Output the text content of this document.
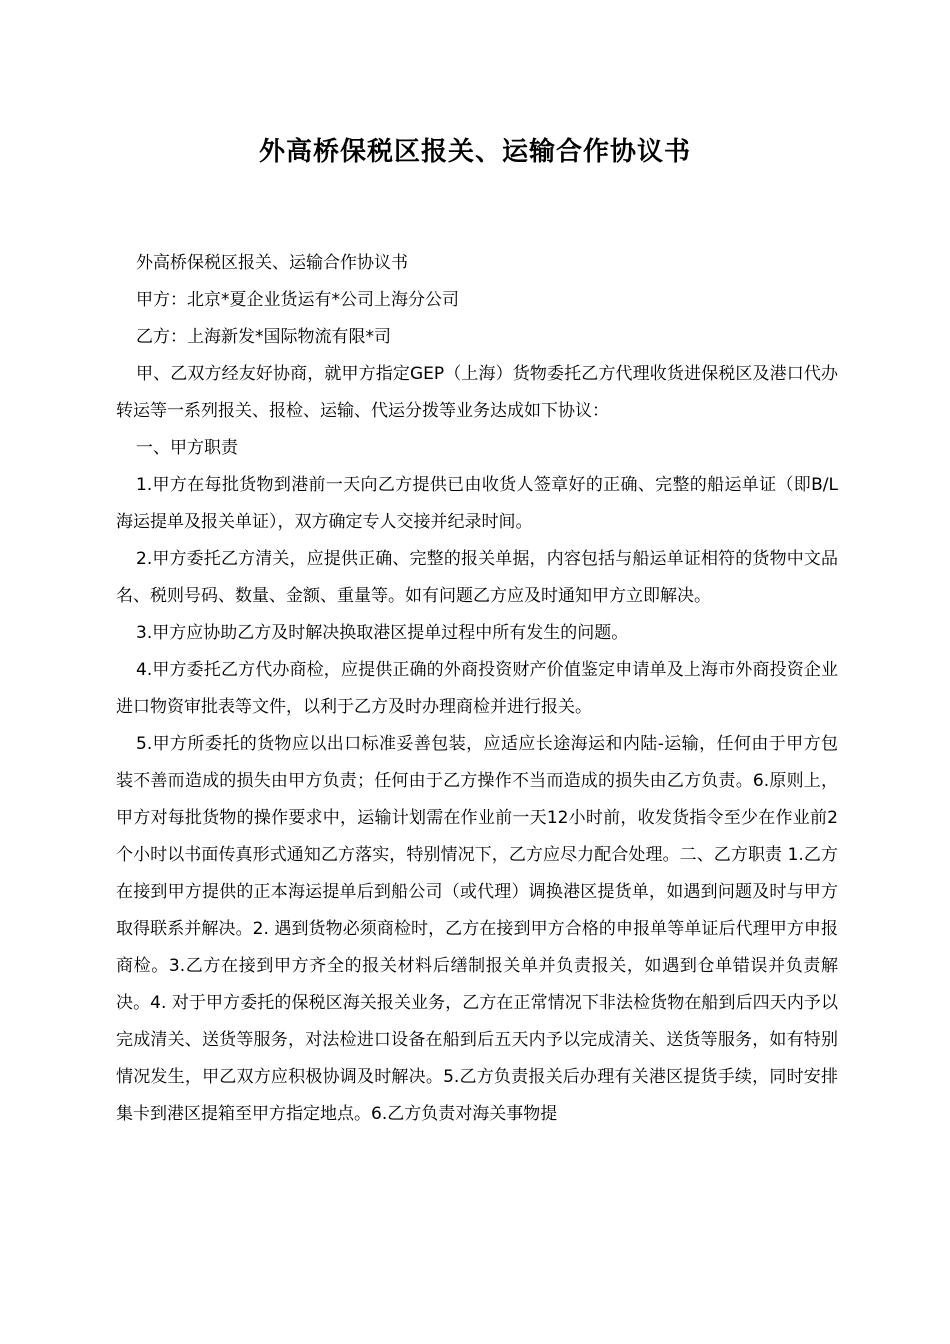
外高桥保税区报关、运输合作协议书

外高桥保税区报关、运输合作协议书

甲方：北京*夏企业货运有*公司上海分公司

乙方：上海新发*国际物流有限*司

甲、乙双方经友好协商，就甲方指定GEP（上海）货物委托乙方代理收货进保税区及港口代办转运等一系列报关、报检、运输、代运分拨等业务达成如下协议：

一、甲方职责

1.甲方在每批货物到港前一天向乙方提供已由收货人签章好的正确、完整的船运单证（即B/L海运提单及报关单证），双方确定专人交接并纪录时间。

2.甲方委托乙方清关，应提供正确、完整的报关单据，内容包括与船运单证相符的货物中文品名、税则号码、数量、金额、重量等。如有问题乙方应及时通知甲方立即解决。

3.甲方应协助乙方及时解决换取港区提单过程中所有发生的问题。

4.甲方委托乙方代办商检，应提供正确的外商投资财产价值鉴定申请单及上海市外商投资企业进口物资审批表等文件，以利于乙方及时办理商检并进行报关。

5.甲方所委托的货物应以出口标准妥善包装，应适应长途海运和内陆-运输，任何由于甲方包装不善而造成的损失由甲方负责；任何由于乙方操作不当而造成的损失由乙方负责。6.原则上，甲方对每批货物的操作要求中，运输计划需在作业前一天12小时前，收发货指令至少在作业前2个小时以书面传真形式通知乙方落实，特别情况下，乙方应尽力配合处理。二、乙方职责 1.乙方在接到甲方提供的正本海运提单后到船公司（或代理）调换港区提货单，如遇到问题及时与甲方取得联系并解决。2. 遇到货物必须商检时，乙方在接到甲方合格的申报单等单证后代理甲方申报商检。3.乙方在接到甲方齐全的报关材料后缮制报关单并负责报关，如遇到仓单错误并负责解决。4. 对于甲方委托的保税区海关报关业务，乙方在正常情况下非法检货物在船到后四天内予以完成清关、送货等服务，对法检进口设备在船到后五天内予以完成清关、送货等服务，如有特别情况发生，甲乙双方应积极协调及时解决。5.乙方负责报关后办理有关港区提货手续，同时安排集卡到港区提箱至甲方指定地点。6.乙方负责对海关事物提
